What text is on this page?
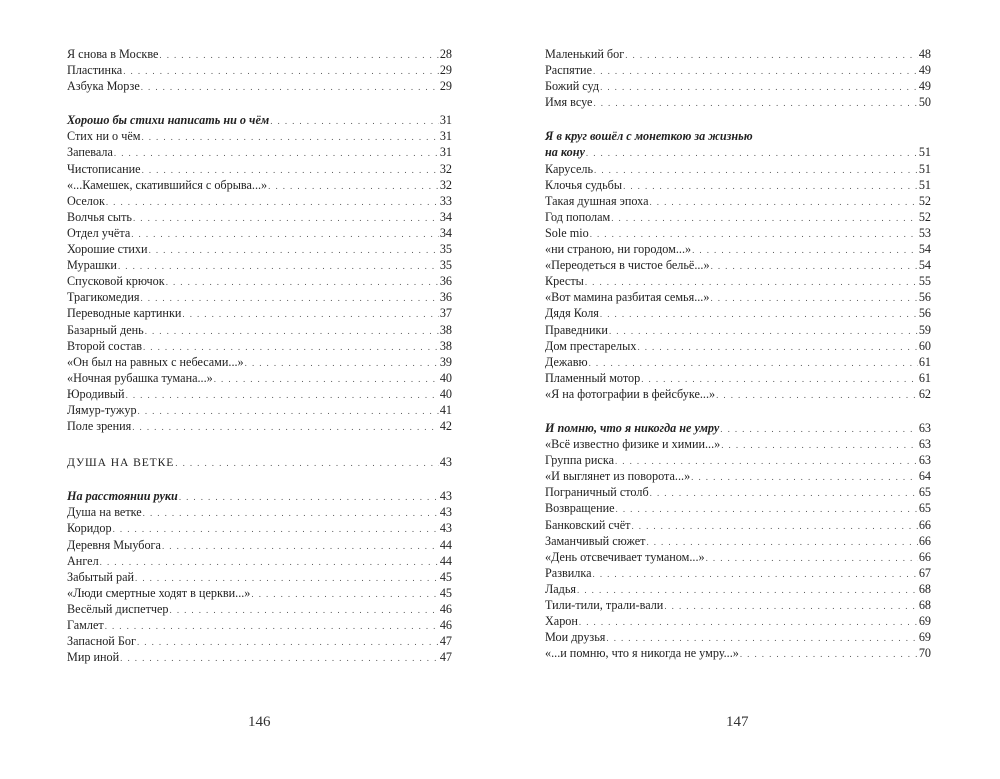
Я снова в Москве . . .	28
Пластинка . . .	29
Азбука Морзе . . .	29
Хорошо бы стихи написать ни о чём . . .	31
Стих ни о чём . . .	31
Запевала . . .	31
Чистописание . . .	32
«...Камешек, скатившийся с обрыва...» . . .	32
Оселок . . .	33
Волчья сыть . . .	34
Отдел учёта . . .	34
Хорошие стихи . . .	35
Мурашки . . .	35
Спусковой крючок . . .	36
Трагикомедия . . .	36
Переводные картинки . . .	37
Базарный день . . .	38
Второй состав . . .	38
«Он был на равных с небесами...» . . .	39
«Ночная рубашка тумана...» . . .	40
Юродивый . . .	40
Лямур-тужур . . .	41
Поле зрения . . .	42
ДУША НА ВЕТКЕ . . .	43
На расстоянии руки . . .	43
Душа на ветке . . .	43
Коридор . . .	43
Деревня Мыубога . . .	44
Ангел . . .	44
Забытый рай . . .	45
«Люди смертные ходят в церкви...» . . .	45
Весёлый диспетчер . . .	46
Гамлет . . .	46
Запасной Бог . . .	47
Мир иной . . .	47
146
Маленький бог . . .	48
Распятие . . .	49
Божий суд . . .	49
Имя всуе . . .	50
Я в круг вошёл с монеткою за жизнью
на кону . . .	51
Карусель . . .	51
Клочья судьбы . . .	51
Такая душная эпоха . . .	52
Год пополам . . .	52
Sole mio . . .	53
«ни страною, ни городом...» . . .	54
«Переодеться в чистое бельё...» . . .	54
Кресты . . .	55
«Вот мамина разбитая семья...» . . .	56
Дядя Коля . . .	56
Праведники . . .	59
Дом престарелых . . .	60
Дежавю . . .	61
Пламенный мотор . . .	61
«Я на фотографии в фейсбуке...» . . .	62
И помню, что я никогда не умру . . .	63
«Всё известно физике и химии...» . . .	63
Группа риска . . .	63
«И выглянет из поворота...» . . .	64
Пограничный столб . . .	65
Возвращение . . .	65
Банковский счёт . . .	66
Заманчивый сюжет . . .	66
«День отсвечивает туманом...» . . .	66
Развилка . . .	67
Ладья . . .	68
Тили-тили, трали-вали . . .	68
Харон . . .	69
Мои друзья . . .	69
«...и помню, что я никогда не умру...» . . .	70
147
